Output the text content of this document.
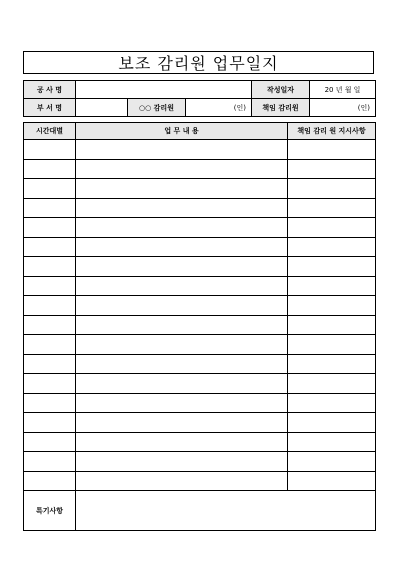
보조 감리원 업무일지
공 사 명				작성일자	20 년 월 일
부 서 명		○○ 감리원	(인)	책임 감리원	(인)
시간대별	업 무 내 용	책임 감리 원 지시사항

특기사항		
